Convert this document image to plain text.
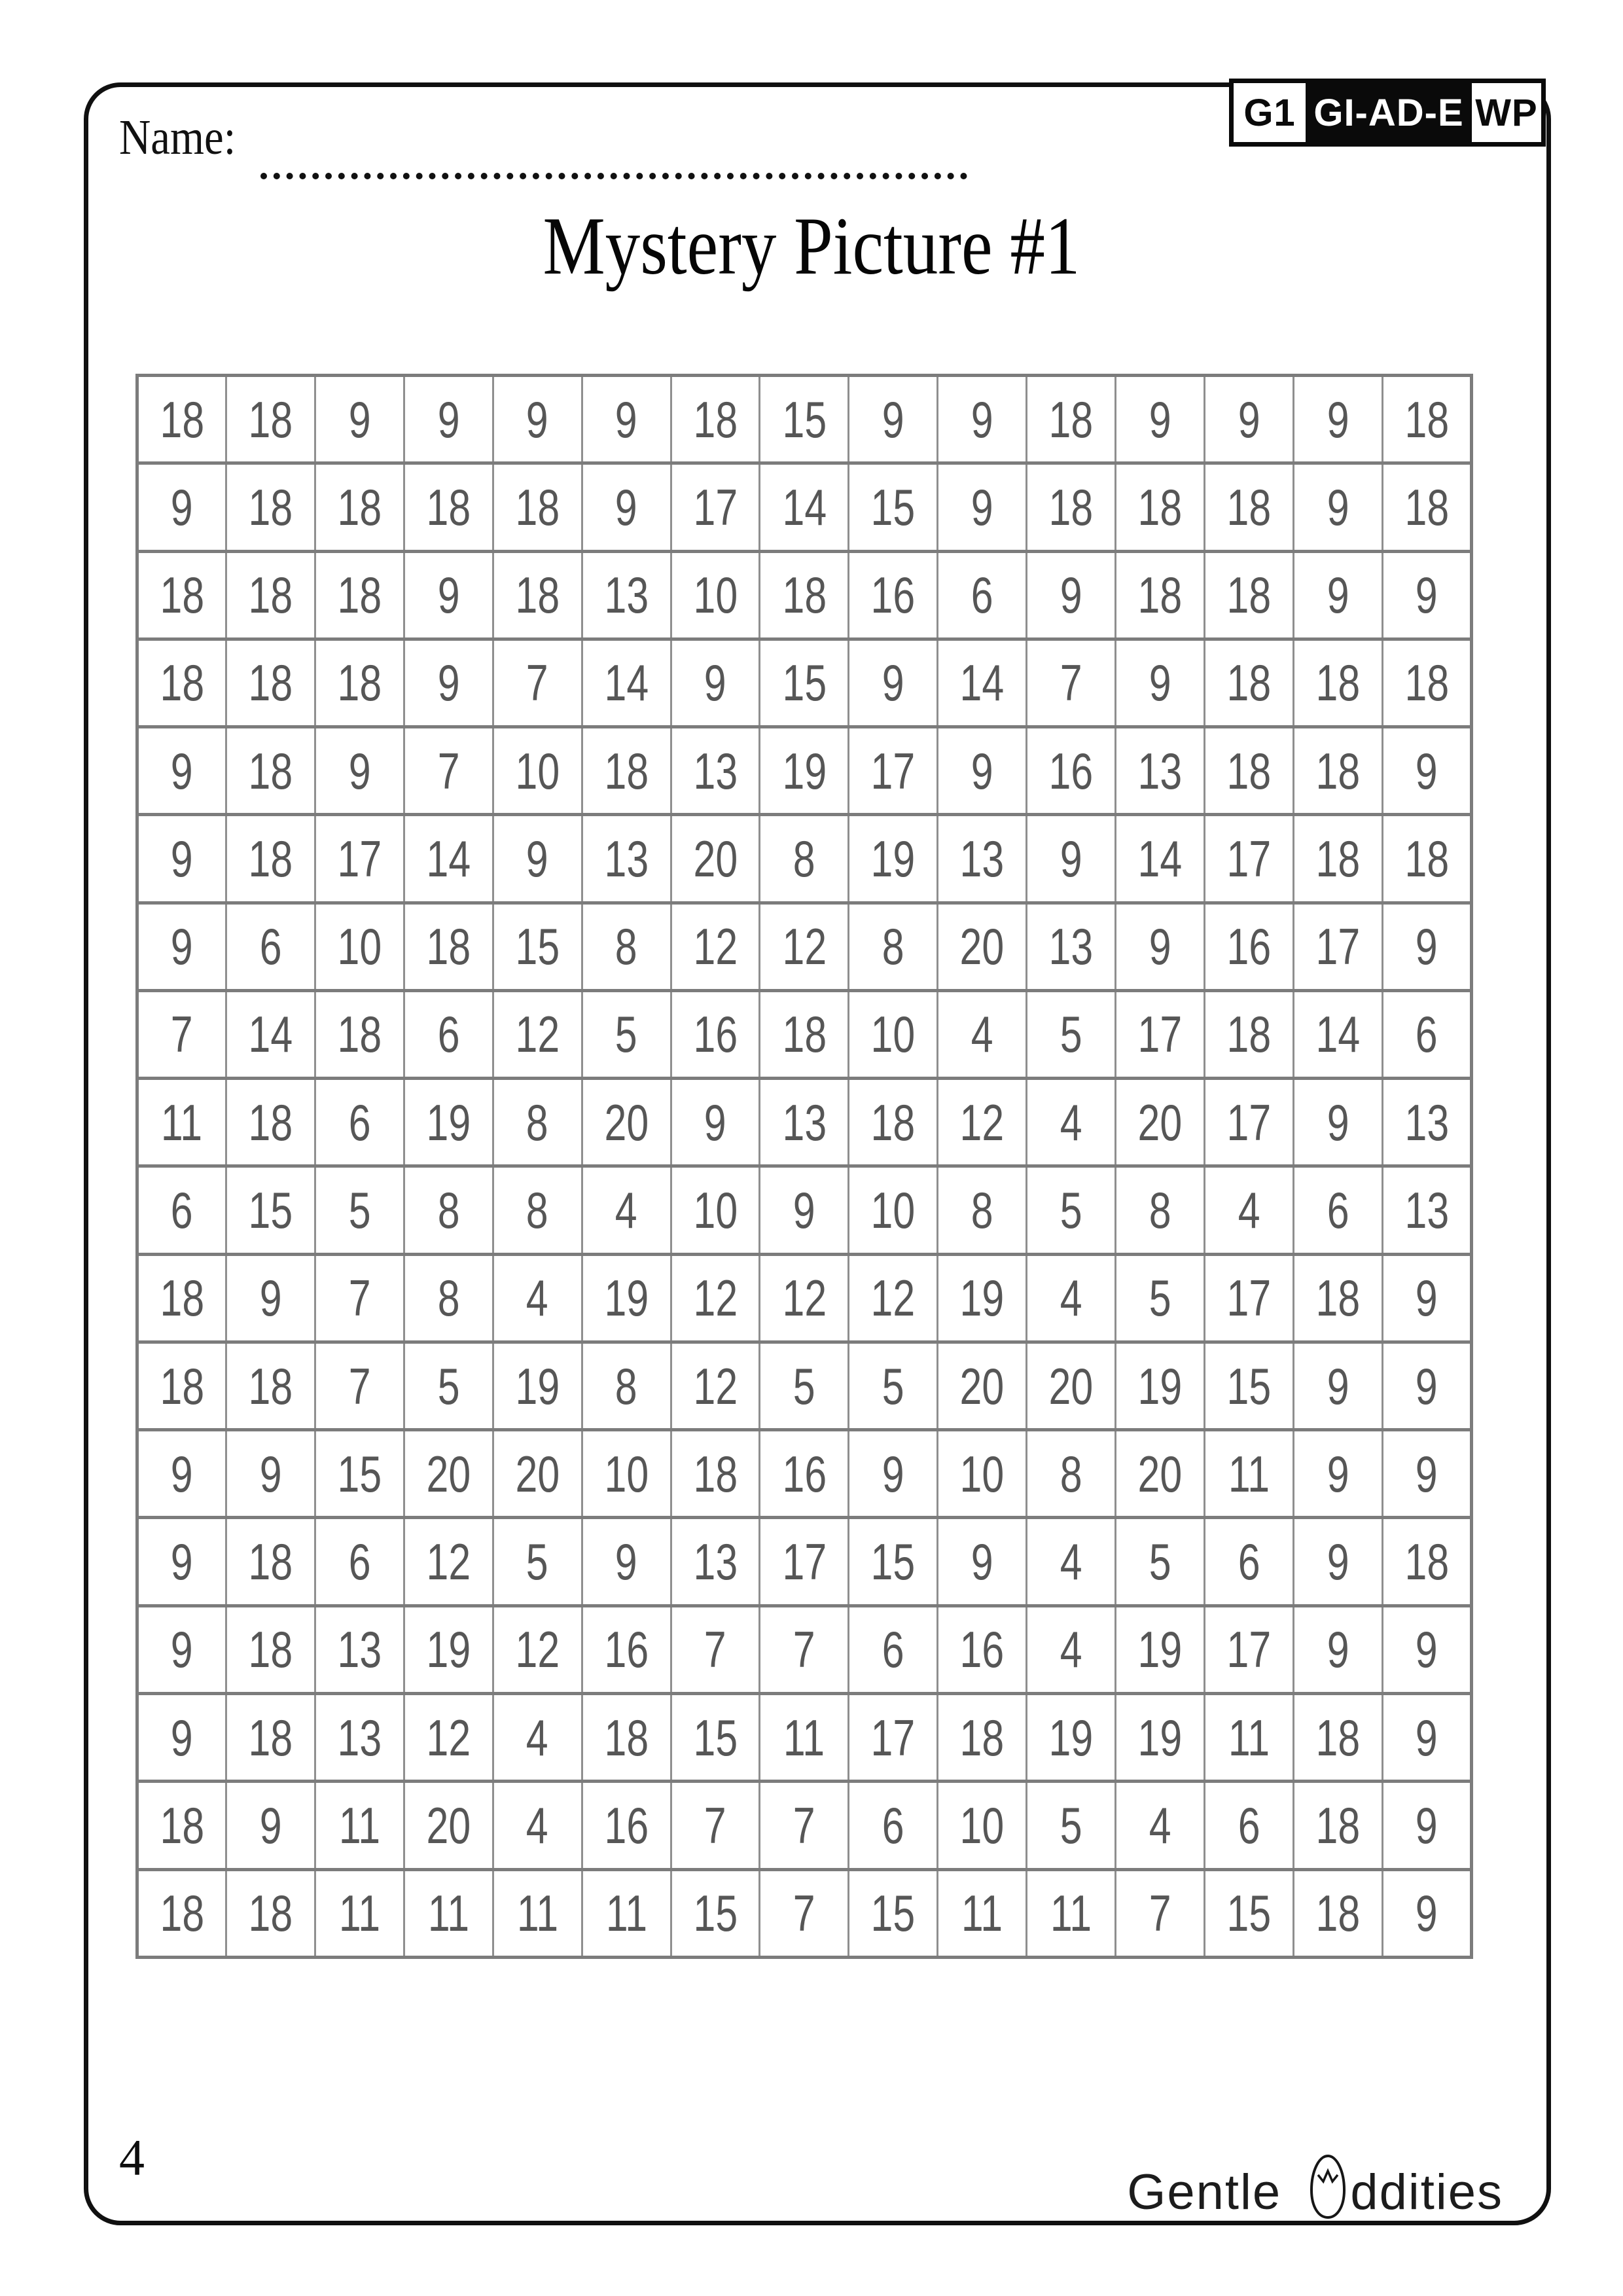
G1 GI-AD-E WP
Name:
Mystery Picture #1
18	18	9	9	9	9	18	15	9	9	18	9	9	9	18
9	18	18	18	18	9	17	14	15	9	18	18	18	9	18
18	18	18	9	18	13	10	18	16	6	9	18	18	9	9
18	18	18	9	7	14	9	15	9	14	7	9	18	18	18
9	18	9	7	10	18	13	19	17	9	16	13	18	18	9
9	18	17	14	9	13	20	8	19	13	9	14	17	18	18
9	6	10	18	15	8	12	12	8	20	13	9	16	17	9
7	14	18	6	12	5	16	18	10	4	5	17	18	14	6
11	18	6	19	8	20	9	13	18	12	4	20	17	9	13
6	15	5	8	8	4	10	9	10	8	5	8	4	6	13
18	9	7	8	4	19	12	12	12	19	4	5	17	18	9
18	18	7	5	19	8	12	5	5	20	20	19	15	9	9
9	9	15	20	20	10	18	16	9	10	8	20	11	9	9
9	18	6	12	5	9	13	17	15	9	4	5	6	9	18
9	18	13	19	12	16	7	7	6	16	4	19	17	9	9
9	18	13	12	4	18	15	11	17	18	19	19	11	18	9
18	9	11	20	4	16	7	7	6	10	5	4	6	18	9
18	18	11	11	11	11	15	7	15	11	11	7	15	18	9
4
Gentle ddities
